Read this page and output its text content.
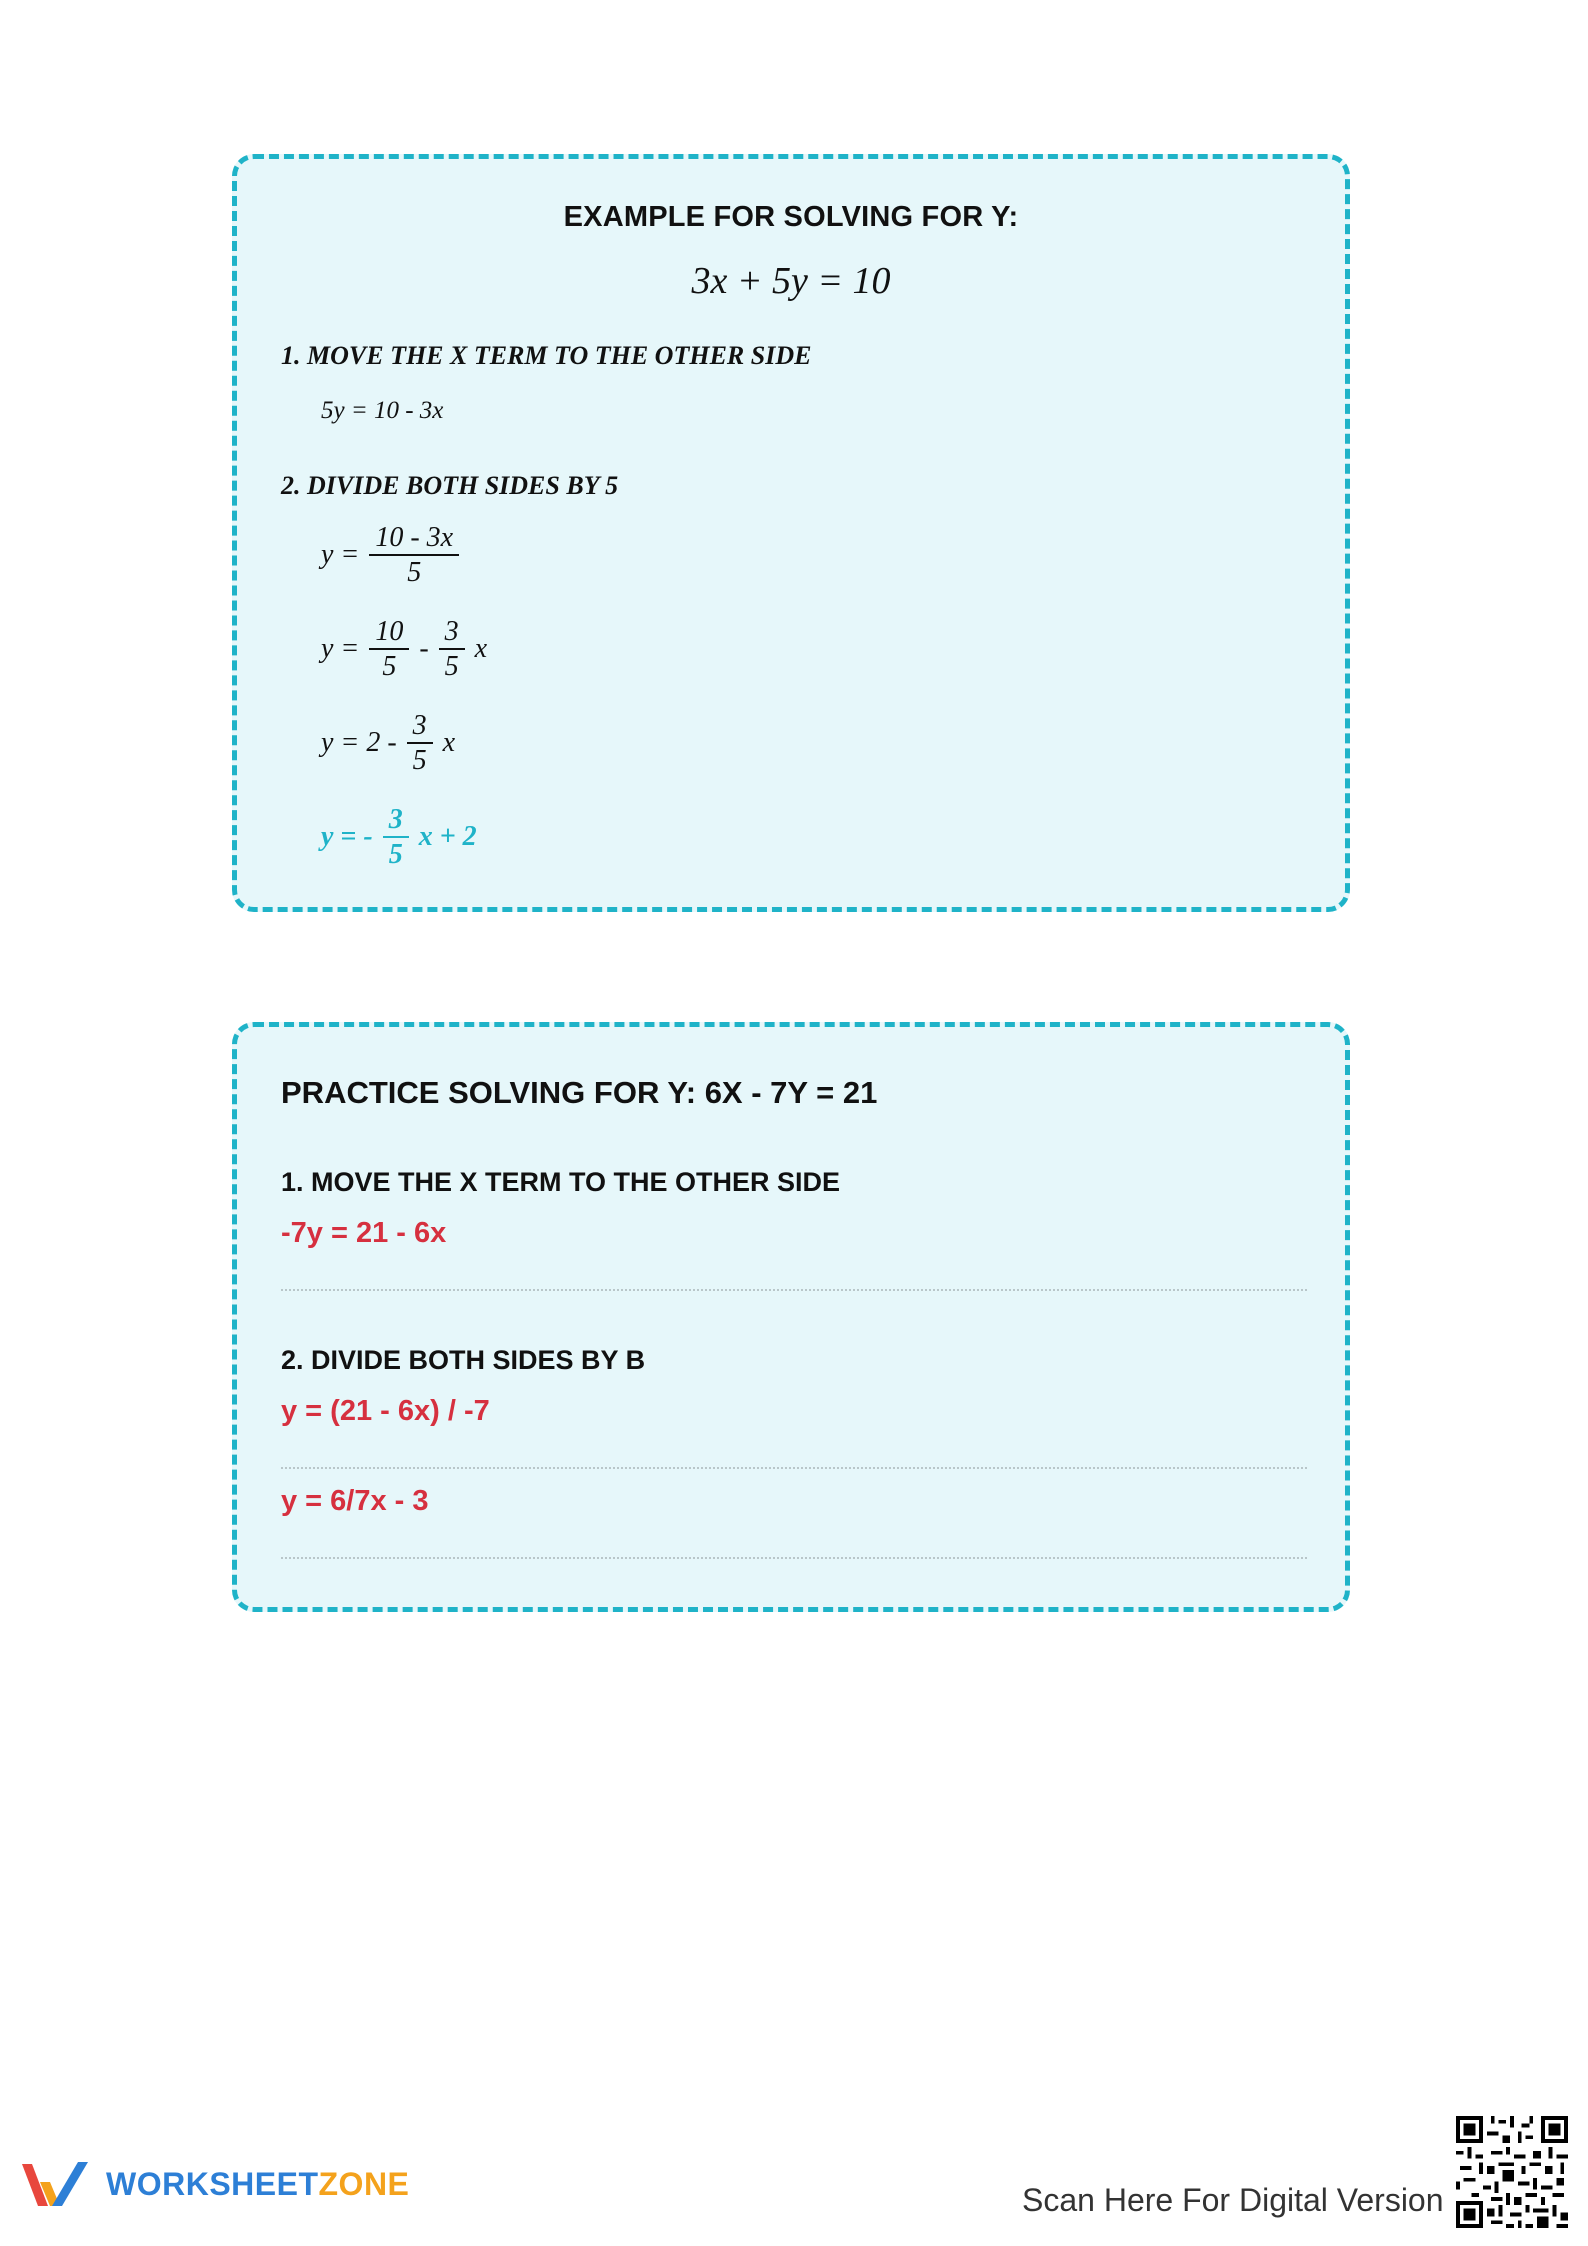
EXAMPLE FOR SOLVING FOR Y:
3x + 5y = 10
1. MOVE THE X TERM TO THE OTHER SIDE
5y = 10 - 3x
2. DIVIDE BOTH SIDES BY 5
$y = \frac{10 - 3x}{5}$
$y = \frac{10}{5} - \frac{3}{5}$ x
$y = 2 - \frac{3}{5}$ x
y = - $\frac{3}{5}$ x + 2
PRACTICE SOLVING FOR Y: 6X - 7Y = 21
1. MOVE THE X TERM TO THE OTHER SIDE
-7y = 21 - 6x
2. DIVIDE BOTH SIDES BY B
y = (21 - 6x) / -7
y = 6/7x - 3
WORKSHEETZONE	Scan Here For Digital Version
